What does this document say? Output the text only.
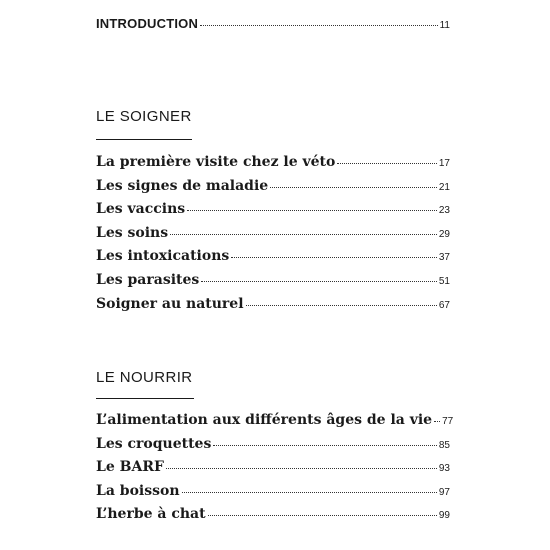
INTRODUCTION	11
LE SOIGNER
La première visite chez le véto	17
Les signes de maladie	21
Les vaccins	23
Les soins	29
Les intoxications	37
Les parasites	51
Soigner au naturel	67
LE NOURRIR
L’alimentation aux différents âges de la vie 77
Les croquettes	85
Le BARF	93
La boisson	97
L’herbe à chat	99
